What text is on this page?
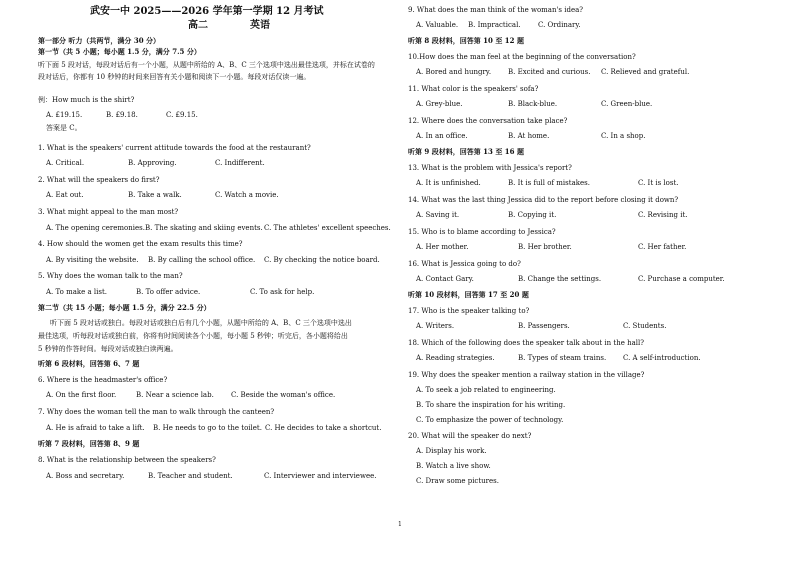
武安一中 2025——2026 学年第一学期 12 月考试
高二	英语
第一部分 听力（共两节，满分 30 分）
第一节（共 5 小题；每小题 1.5 分，满分 7.5 分）
听下面 5 段对话，每段对话后有一个小题，从题中所给的 A、B、C 三个选项中选出最佳选项，并标在试卷的
段对话后，你都有 10 秒钟的时间来回答有关小题和阅读下一小题。每段对话仅读一遍。
例：How much is the shirt?
A. £19.15.	B. £9.18.	C. £9.15.
答案是 C。
1. What is the speakers' current attitude towards the food at the restaurant?
A. Critical.	B. Approving.	C. Indifferent.
2. What will the speakers do first?
A. Eat out.	B. Take a walk.	C. Watch a movie.
3. What might appeal to the man most?
A. The opening ceremonies. B. The skating and skiing events. C. The athletes' excellent speeches.
4. How should the women get the exam results this time?
A. By visiting the website. B. By calling the school office. C. By checking the notice board.
5. Why does the woman talk to the man?
A. To make a list.	B. To offer advice.	C. To ask for help.
第二节（共 15 小题；每小题 1.5 分，满分 22.5 分）
听下面 5 段对话或独白。每段对话或独白后有几个小题，从题中所给的 A、B、C 三个选项中选出
最佳选项，听每段对话或独白前，你将有时间阅读各个小题，每小题 5 秒钟；听完后，各小题将给出
5 秒钟的作答时间。每段对话或独白读两遍。
听第 6 段材料，回答第 6、7 题
6. Where is the headmaster's office?
A. On the first floor.	B. Near a science lab. C. Beside the woman's office.
7. Why does the woman tell the man to walk through the canteen?
A. He is afraid to take a lift. B. He needs to go to the toilet. C. He decides to take a shortcut.
听第 7 段材料，回答第 8、9 题
8. What is the relationship between the speakers?
A. Boss and secretary.	B. Teacher and student.	C. Interviewer and interviewee.
9. What does the man think of the woman's idea?
A. Valuable. B. Impractical. C. Ordinary.
听第 8 段材料，回答第 10 至 12 题
10.How does the man feel at the beginning of the conversation?
A. Bored and hungry. B. Excited and curious. C. Relieved and grateful.
11. What color is the speakers' sofa?
A. Grey-blue.	B. Black-blue.	C. Green-blue.
12. Where does the conversation take place?
A. In an office.	B. At home.	C. In a shop.
听第 9 段材料，回答第 13 至 16 题
13. What is the problem with Jessica's report?
A. It is unfinished.	B. It is full of mistakes.	C. It is lost.
14. What was the last thing Jessica did to the report before closing it down?
A. Saving it.	B. Copying it.	C. Revising it.
15. Who is to blame according to Jessica?
A. Her mother.	B. Her brother.	C. Her father.
16. What is Jessica going to do?
A. Contact Gary.	B. Change the settings.	C. Purchase a computer.
听第 10 段材料，回答第 17 至 20 题
17. Who is the speaker talking to?
A. Writers.	B. Passengers.	C. Students.
18. Which of the following does the speaker talk about in the hall?
A. Reading strategies.	B. Types of steam trains. C. A self-introduction.
19. Why does the speaker mention a railway station in the village?
A. To seek a job related to engineering.
B. To share the inspiration for his writing.
C. To emphasize the power of technology.
20. What will the speaker do next?
A. Display his work.
B. Watch a live show.
C. Draw some pictures.
1
